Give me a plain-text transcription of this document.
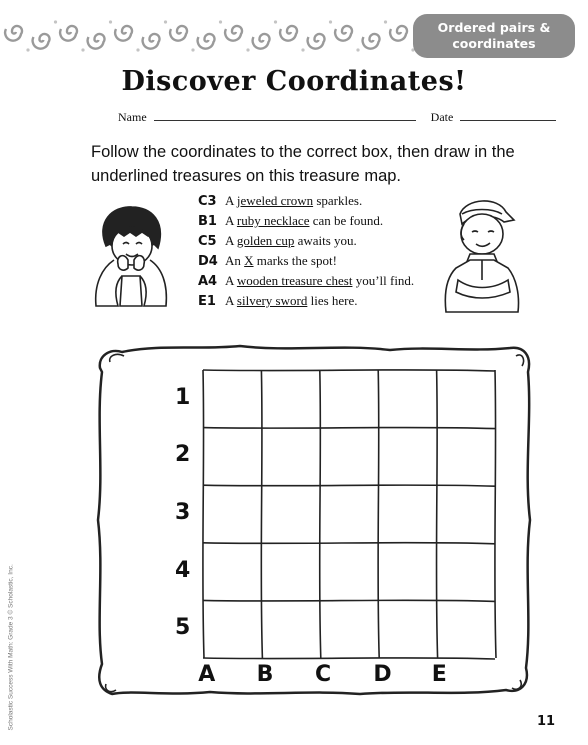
Ordered pairs & coordinates
Discover Coordinates!
Name	Date
Follow the coordinates to the correct box, then draw in the underlined treasures on this treasure map.
C3 A jeweled crown sparkles.
B1 A ruby necklace can be found.
C5 A golden cup awaits you.
D4 An X marks the spot!
A4 A wooden treasure chest you’ll find.
E1 A silvery sword lies here.
1
2
3
4
5
A B C D E
11
Scholastic Success With Math: Grade 3 © Scholastic, Inc.
